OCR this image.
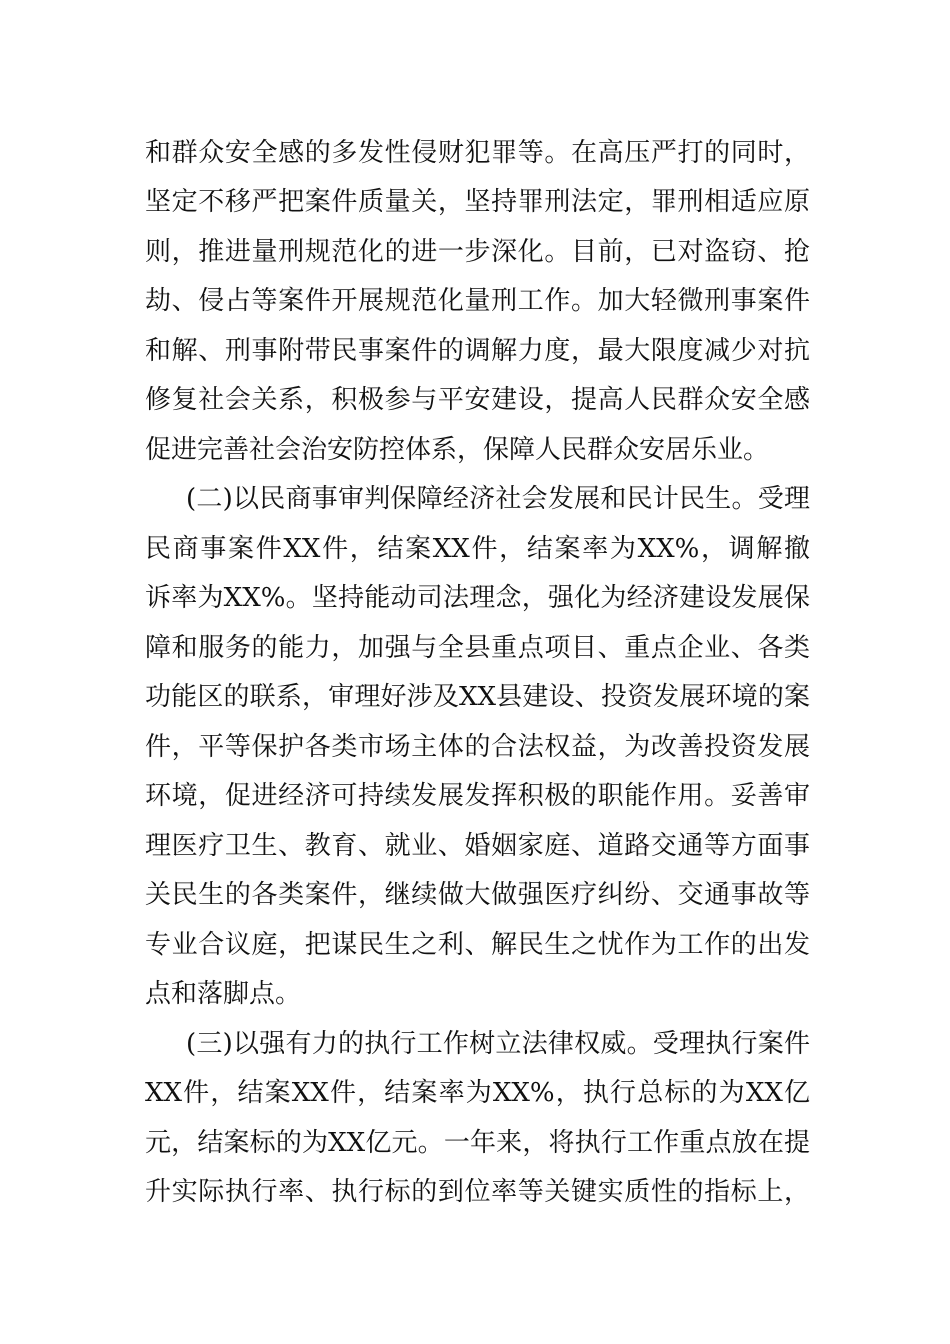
和群众安全感的多发性侵财犯罪等。在高压严打的同时，
坚定不移严把案件质量关，坚持罪刑法定，罪刑相适应原
则，推进量刑规范化的进一步深化。目前，已对盗窃、抢
劫、侵占等案件开展规范化量刑工作。加大轻微刑事案件
和解、刑事附带民事案件的调解力度，最大限度减少对抗
修复社会关系，积极参与平安建设，提高人民群众安全感
促进完善社会治安防控体系，保障人民群众安居乐业。
(二)以民商事审判保障经济社会发展和民计民生。受理
民商事案件XX件，结案XX件，结案率为XX%，调解撤
诉率为XX%。坚持能动司法理念，强化为经济建设发展保
障和服务的能力，加强与全县重点项目、重点企业、各类
功能区的联系，审理好涉及XX县建设、投资发展环境的案
件，平等保护各类市场主体的合法权益，为改善投资发展
环境，促进经济可持续发展发挥积极的职能作用。妥善审
理医疗卫生、教育、就业、婚姻家庭、道路交通等方面事
关民生的各类案件，继续做大做强医疗纠纷、交通事故等
专业合议庭，把谋民生之利、解民生之忧作为工作的出发
点和落脚点。
(三)以强有力的执行工作树立法律权威。受理执行案件
XX件，结案XX件，结案率为XX%，执行总标的为XX亿
元，结案标的为XX亿元。一年来，将执行工作重点放在提
升实际执行率、执行标的到位率等关键实质性的指标上，
